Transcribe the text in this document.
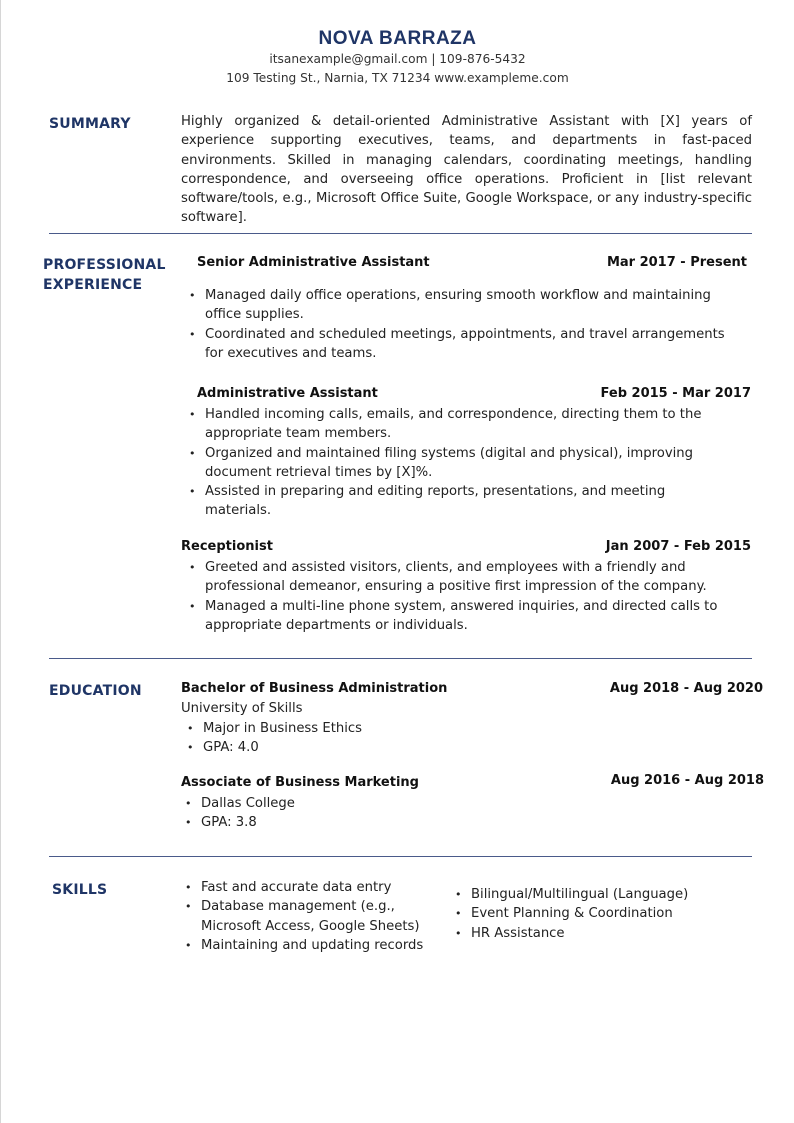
NOVA BARRAZA
itsanexample@gmail.com | 109-876-5432
109 Testing St., Narnia, TX 71234 www.exampleme.com
SUMMARY	Highly organized & detail-oriented Administrative Assistant with [X] years of experience supporting executives, teams, and departments in fast-paced environments. Skilled in managing calendars, coordinating meetings, handling correspondence, and overseeing office operations. Proficient in [list relevant software/tools, e.g., Microsoft Office Suite, Google Workspace, or any industry-specific software].
PROFESSIONAL
EXPERIENCE
Senior Administrative Assistant	Mar 2017 - Present
• Managed daily office operations, ensuring smooth workflow and maintaining office supplies.
• Coordinated and scheduled meetings, appointments, and travel arrangements for executives and teams.
Administrative Assistant	Feb 2015 - Mar 2017
• Handled incoming calls, emails, and correspondence, directing them to the appropriate team members.
• Organized and maintained filing systems (digital and physical), improving document retrieval times by [X]%.
• Assisted in preparing and editing reports, presentations, and meeting materials.
Receptionist	Jan 2007 - Feb 2015
• Greeted and assisted visitors, clients, and employees with a friendly and professional demeanor, ensuring a positive first impression of the company.
• Managed a multi-line phone system, answered inquiries, and directed calls to appropriate departments or individuals.
EDUCATION	Bachelor of Business Administration	Aug 2018 - Aug 2020
University of Skills
• Major in Business Ethics
• GPA: 4.0
Associate of Business Marketing	Aug 2016 - Aug 2018
• Dallas College
• GPA: 3.8
SKILLS
•	Fast and accurate data entry
• Database management (e.g., Microsoft Access, Google Sheets)
• Maintaining and updating records
• Bilingual/Multilingual (Language)
• Event Planning & Coordination
• HR Assistance
